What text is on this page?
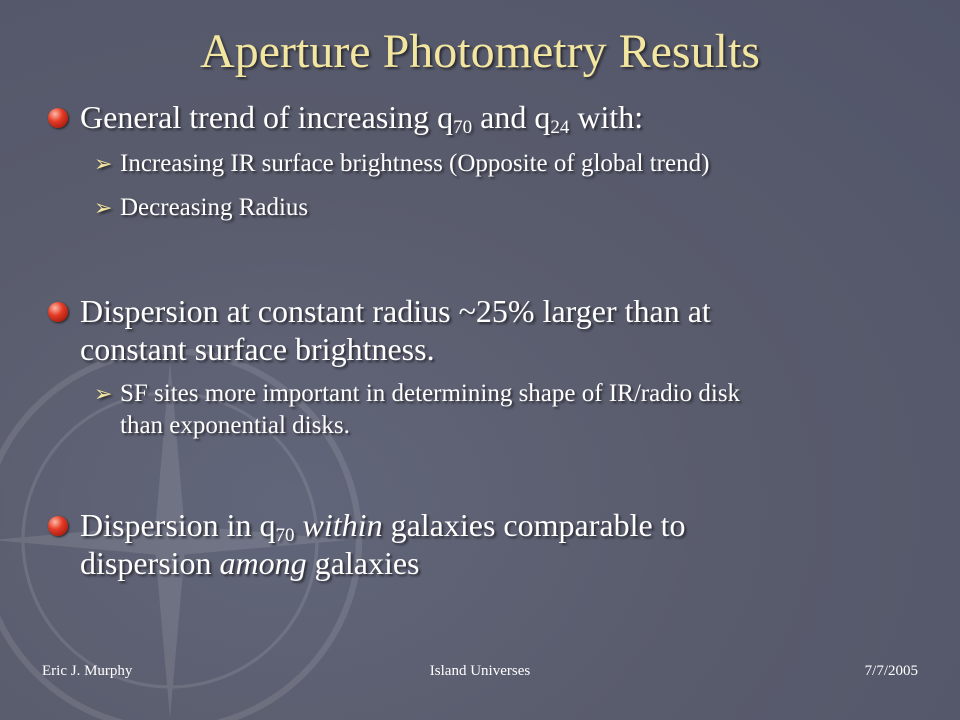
Aperture Photometry Results
General trend of increasing $q_{70}$ and $q_{24}$ with:
➢ Increasing IR surface brightness (Opposite of global trend)
➢ Decreasing Radius
Dispersion at constant radius ~25% larger than at
constant surface brightness.
➢ SF sites more important in determining shape of IR/radio disk
than exponential disks.
Dispersion in $q_{70}$ within galaxies comparable to
dispersion among galaxies
Eric J. Murphy	Island Universes	7/7/2005
